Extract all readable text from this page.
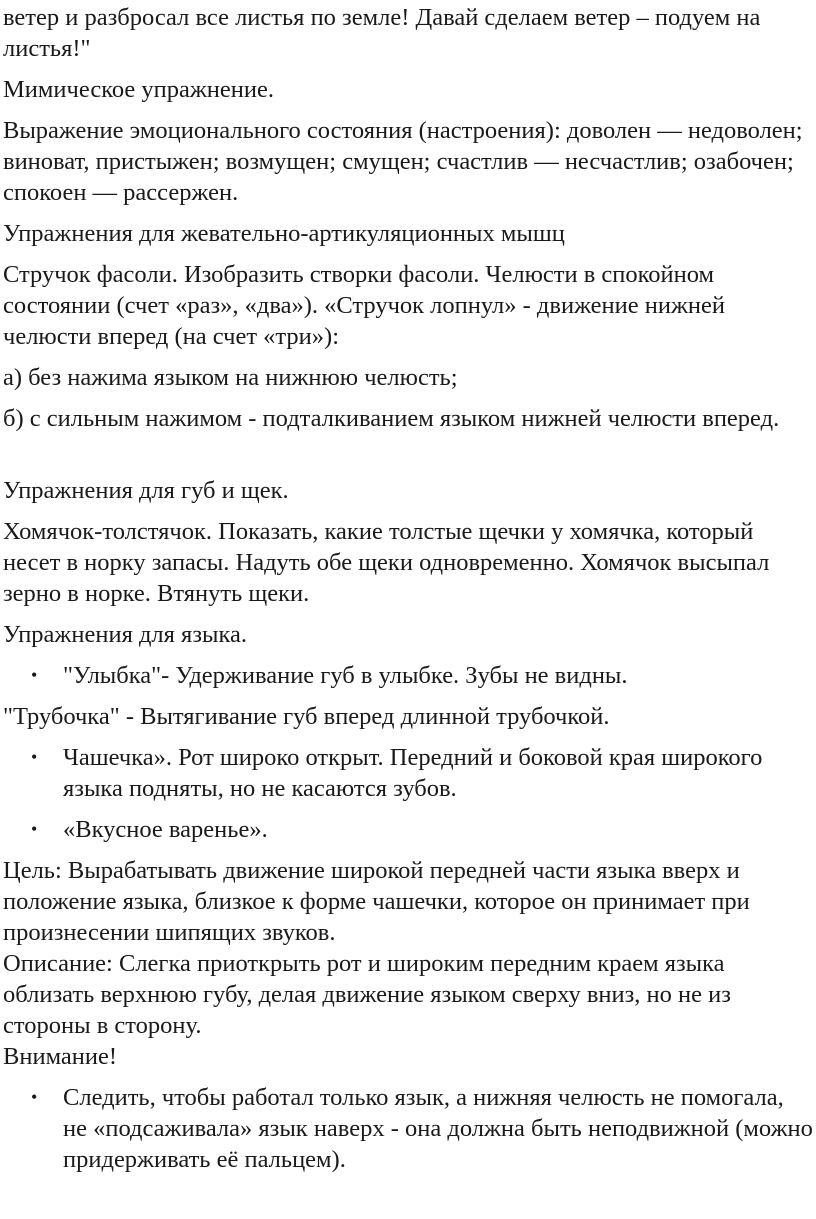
ветер и разбросал все листья по земле! Давай сделаем ветер – подуем на листья!"

Мимическое упражнение.

Выражение эмоционального состояния (настроения): доволен — недоволен; виноват, пристыжен; возмущен; смущен; счастлив — несчастлив; озабочен; спокоен — рассержен.

Упражнения для жевательно-артикуляционных мышц

Стручок фасоли. Изобразить створки фасоли. Челюсти в спокойном состоянии (счет «раз», «два»). «Стручок лопнул» - движение нижней челюсти вперед (на счет «три»):

а) без нажима языком на нижнюю челюсть;

б) с сильным нажимом - подталкиванием языком нижней челюсти вперед.

Упражнения для губ и щек.

Хомячок-толстячок. Показать, какие толстые щечки у хомячка, который несет в норку запасы. Надуть обе щеки одновременно. Хомячок высыпал зерно в норке. Втянуть щеки.

Упражнения для языка.

• "Улыбка"- Удерживание губ в улыбке. Зубы не видны.

"Трубочка" - Вытягивание губ вперед длинной трубочкой.

• Чашечка». Рот широко открыт. Передний и боковой края широкого языка подняты, но не касаются зубов.
• «Вкусное варенье».

Цель: Вырабатывать движение широкой передней части языка вверх и положение языка, близкое к форме чашечки, которое он принимает при произнесении шипящих звуков.

Описание: Слегка приоткрыть рот и широким передним краем языка облизать верхнюю губу, делая движение языком сверху вниз, но не из стороны в сторону.

Внимание!

• Следить, чтобы работал только язык, а нижняя челюсть не помогала, не «подсаживала» язык наверх - она должна быть неподвижной (можно придерживать её пальцем).
